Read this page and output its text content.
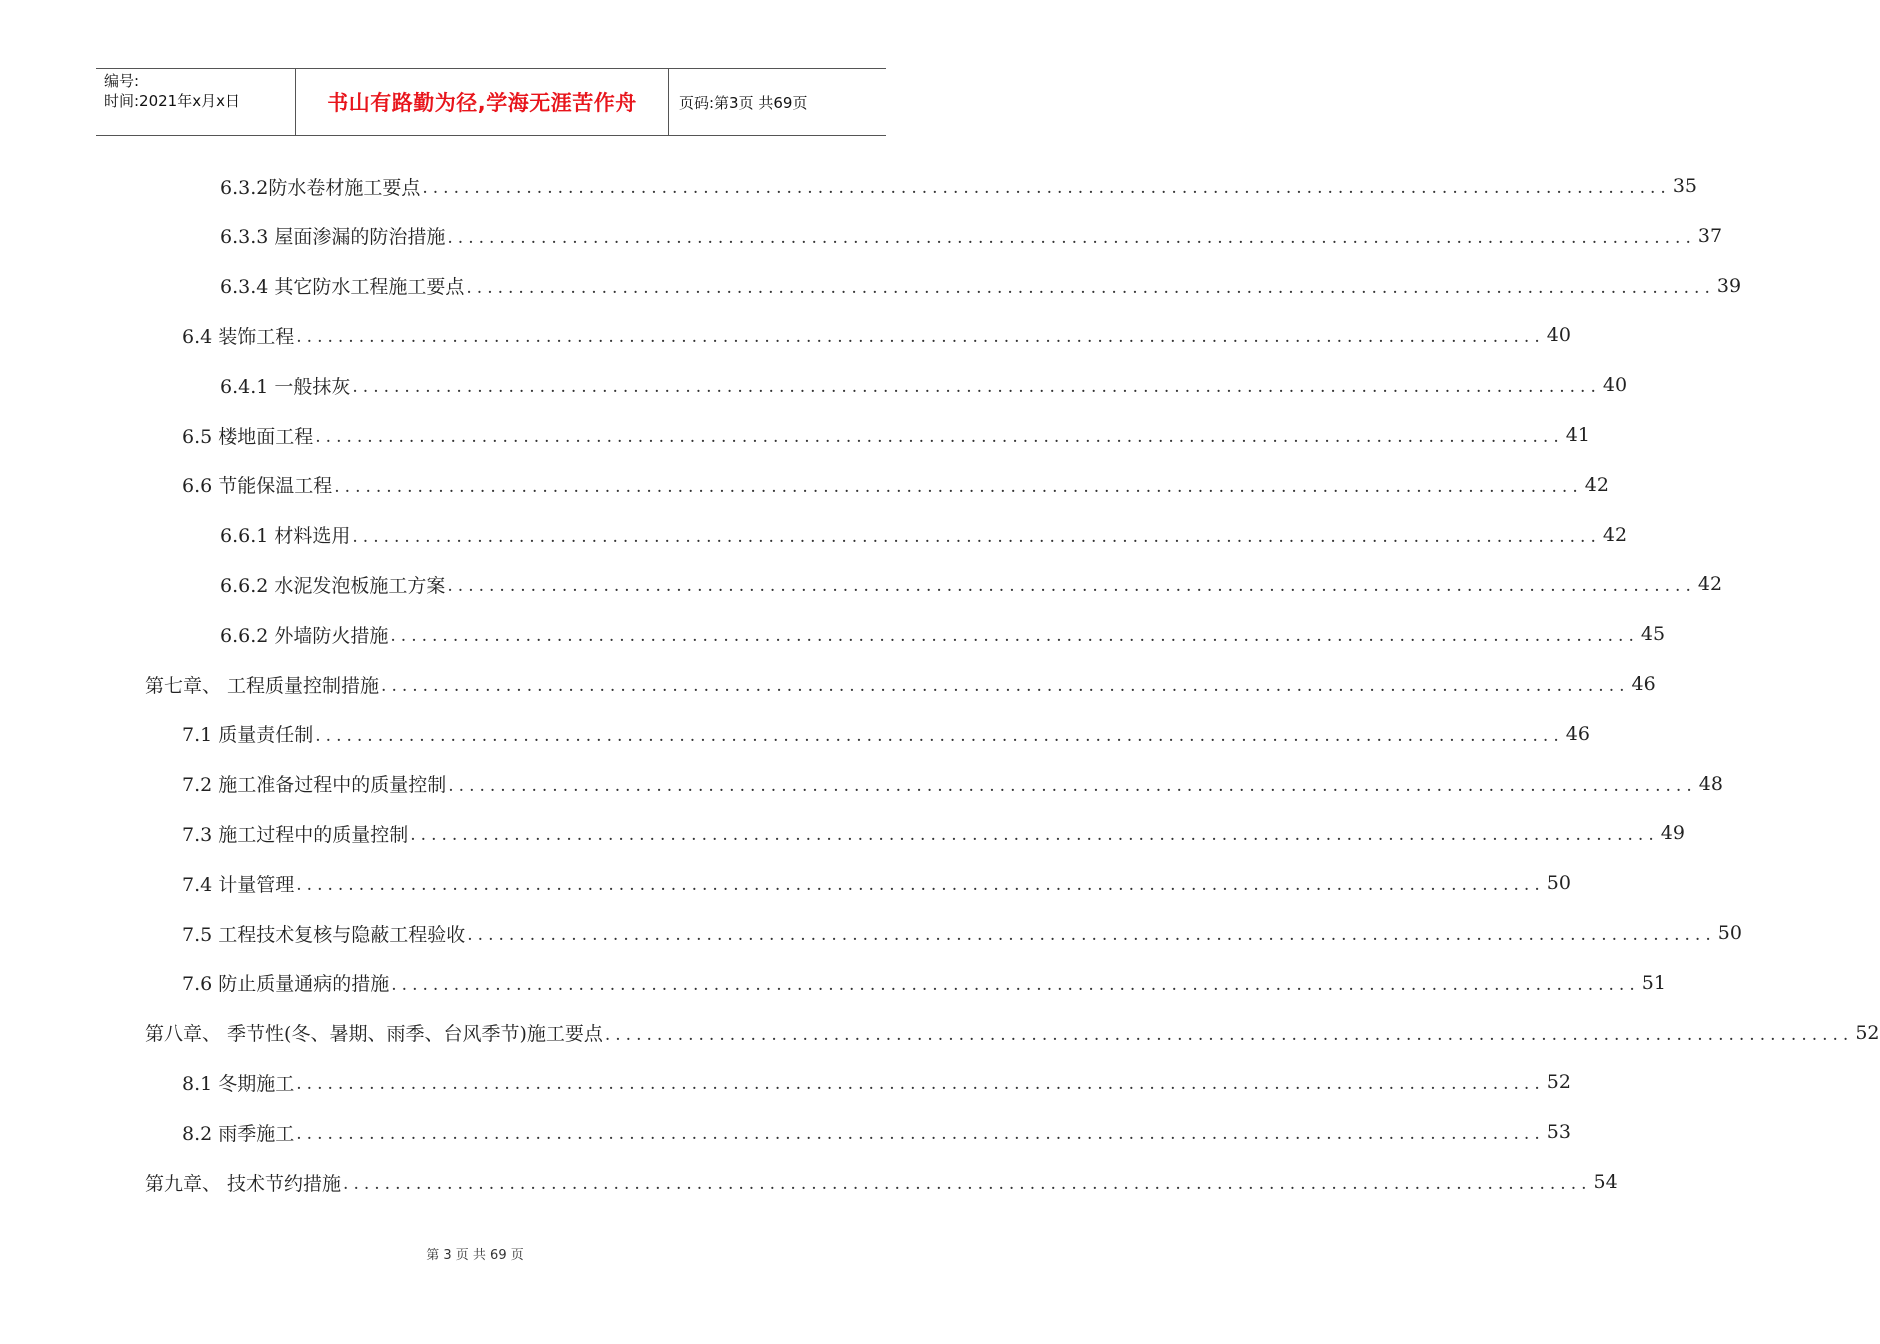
编号:
时间:2021年x月x日	书山有路勤为径,学海无涯苦作舟	页码:第3页 共69页
6.3.2防水卷材施工要点 ........................................................................................................................ 35
6.3.3 屋面渗漏的防治措施 ........................................................................................................................ 37
6.3.4 其它防水工程施工要点 ........................................................................................................................ 39
6.4 装饰工程 ........................................................................................................................ 40
6.4.1 一般抹灰 ........................................................................................................................ 40
6.5 楼地面工程 ........................................................................................................................ 41
6.6 节能保温工程 ........................................................................................................................ 42
6.6.1 材料选用 ........................................................................................................................ 42
6.6.2 水泥发泡板施工方案 ........................................................................................................................ 42
6.6.2 外墙防火措施 ........................................................................................................................ 45
第七章、 工程质量控制措施 ........................................................................................................................ 46
7.1 质量责任制 ........................................................................................................................ 46
7.2 施工准备过程中的质量控制 ........................................................................................................................ 48
7.3 施工过程中的质量控制 ........................................................................................................................ 49
7.4 计量管理 ........................................................................................................................ 50
7.5 工程技术复核与隐蔽工程验收 ........................................................................................................................ 50
7.6 防止质量通病的措施 ........................................................................................................................ 51
第八章、 季节性(冬、暑期、雨季、台风季节)施工要点 ........................................................................................................................ 52
8.1 冬期施工 ........................................................................................................................ 52
8.2 雨季施工 ........................................................................................................................ 53
第九章、 技术节约措施 ........................................................................................................................ 54
第 3 页 共 69 页
